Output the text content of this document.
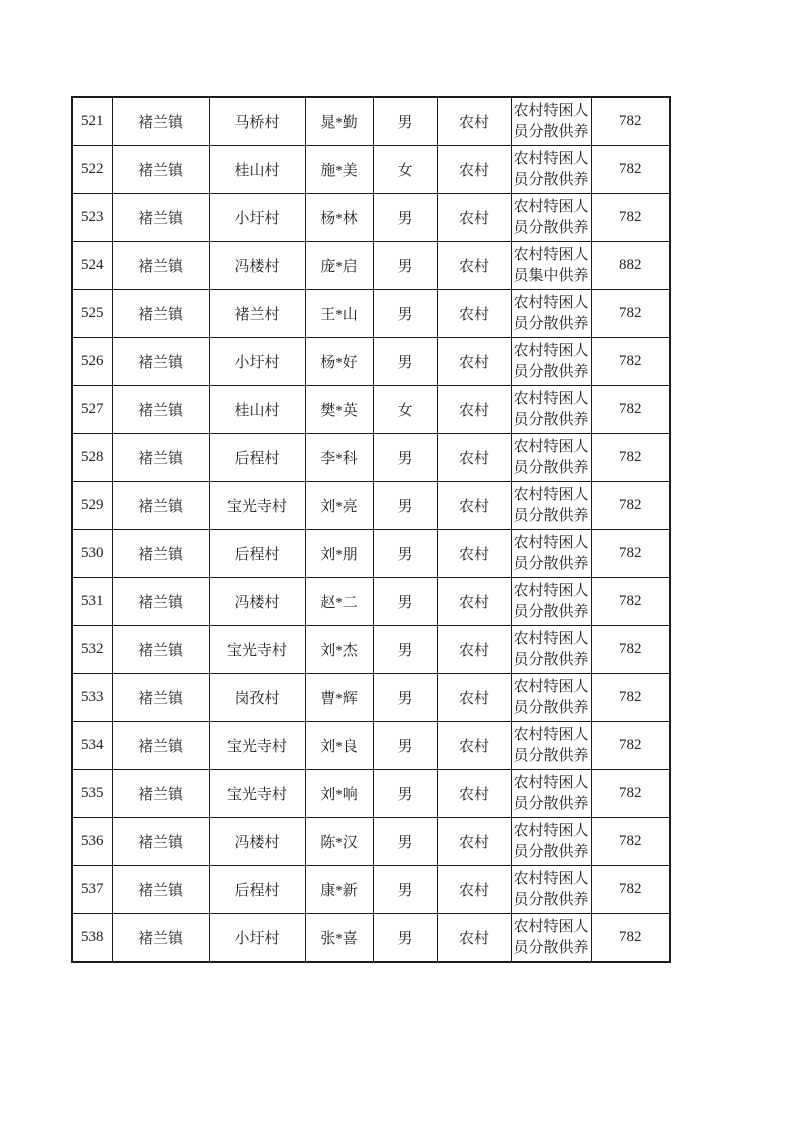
521	褚兰镇	马桥村	晁*勤	男	农村	农村特困人员分散供养	782
522	褚兰镇	桂山村	施*美	女	农村	农村特困人员分散供养	782
523	褚兰镇	小圩村	杨*林	男	农村	农村特困人员分散供养	782
524	褚兰镇	冯楼村	庞*启	男	农村	农村特困人员集中供养	882
525	褚兰镇	褚兰村	王*山	男	农村	农村特困人员分散供养	782
526	褚兰镇	小圩村	杨*好	男	农村	农村特困人员分散供养	782
527	褚兰镇	桂山村	樊*英	女	农村	农村特困人员分散供养	782
528	褚兰镇	后程村	李*科	男	农村	农村特困人员分散供养	782
529	褚兰镇	宝光寺村	刘*亮	男	农村	农村特困人员分散供养	782
530	褚兰镇	后程村	刘*朋	男	农村	农村特困人员分散供养	782
531	褚兰镇	冯楼村	赵*二	男	农村	农村特困人员分散供养	782
532	褚兰镇	宝光寺村	刘*杰	男	农村	农村特困人员分散供养	782
533	褚兰镇	岗孜村	曹*辉	男	农村	农村特困人员分散供养	782
534	褚兰镇	宝光寺村	刘*良	男	农村	农村特困人员分散供养	782
535	褚兰镇	宝光寺村	刘*响	男	农村	农村特困人员分散供养	782
536	褚兰镇	冯楼村	陈*汉	男	农村	农村特困人员分散供养	782
537	褚兰镇	后程村	康*新	男	农村	农村特困人员分散供养	782
538	褚兰镇	小圩村	张*喜	男	农村	农村特困人员分散供养	782
